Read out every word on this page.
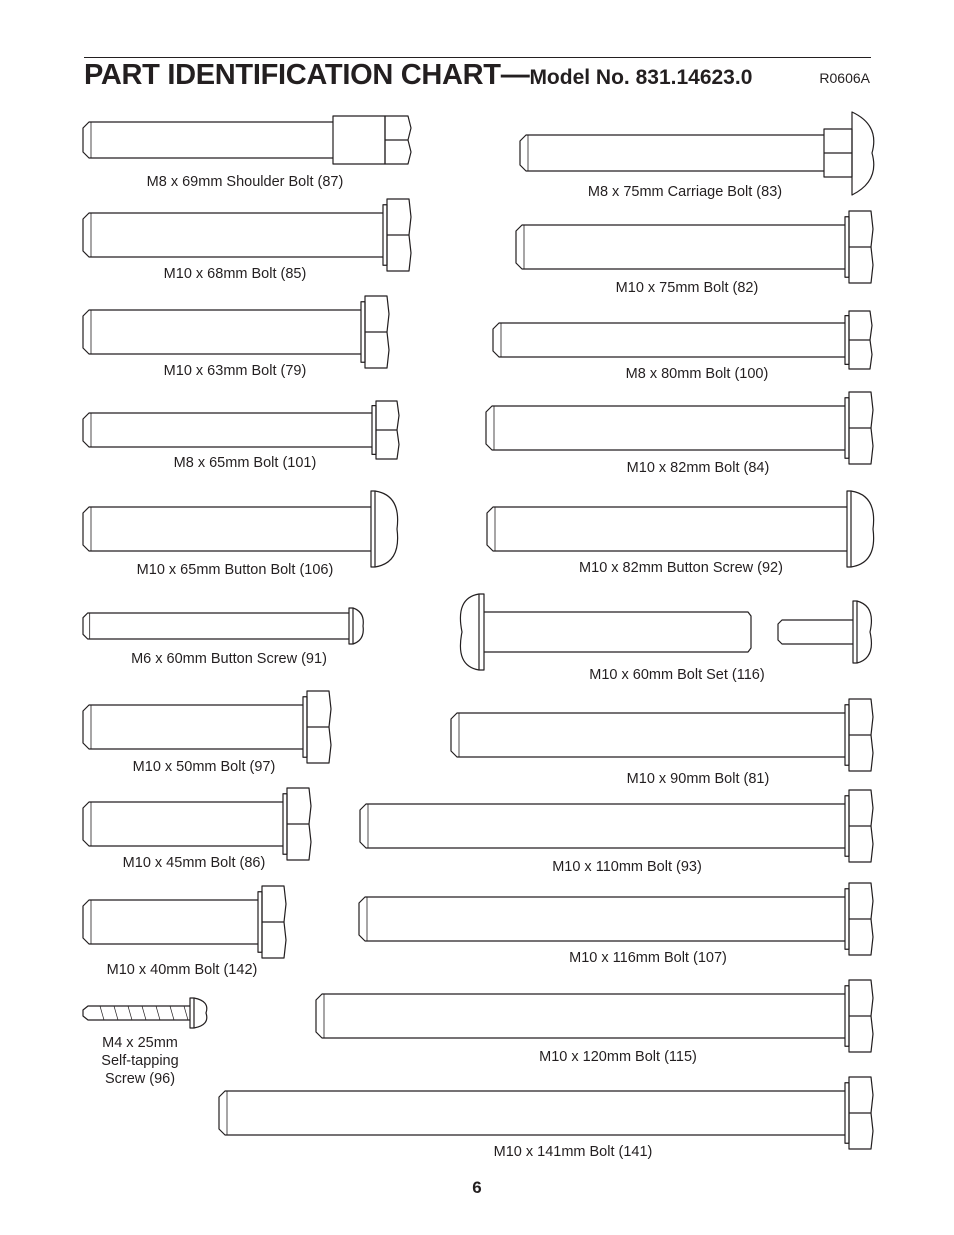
PART IDENTIFICATION CHART—Model No. 831.14623.0	R0606A
M8 x 69mm Shoulder Bolt (87)
M10 x 68mm Bolt (85)
M10 x 63mm Bolt (79)
M8 x 65mm Bolt (101)
M10 x 65mm Button Bolt (106)
M6 x 60mm Button Screw (91)
M10 x 50mm Bolt (97)
M10 x 45mm Bolt (86)
M10 x 40mm Bolt (142)
M4 x 25mm
Self-tapping
Screw (96)
M8 x 75mm Carriage Bolt (83)
M10 x 75mm Bolt (82)
M8 x 80mm Bolt (100)
M10 x 82mm Bolt (84)
M10 x 82mm Button Screw (92)
M10 x 60mm Bolt Set (116)
M10 x 90mm Bolt (81)
M10 x 110mm Bolt (93)
M10 x 116mm Bolt (107)
M10 x 120mm Bolt (115)
M10 x 141mm Bolt (141)
6
